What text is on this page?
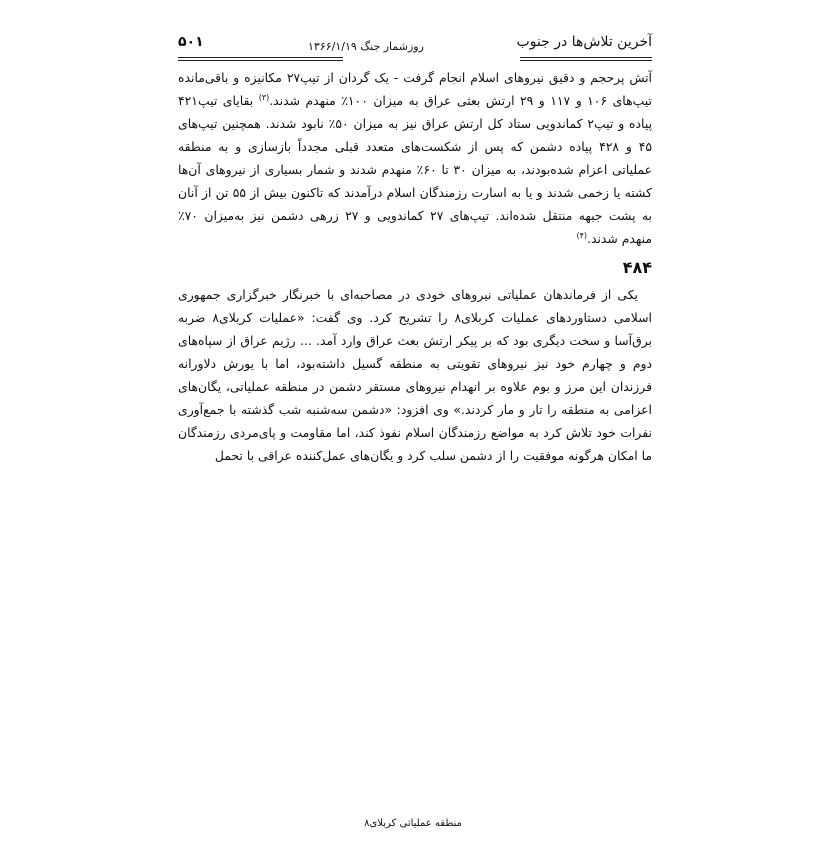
آخرین تلاش‌ها در جنوب
روزشمار جنگ ۱۳۶۶/۱/۱۹
۵۰۱

آتش پرحجم و دقیق نیروهای اسلام انجام گرفت - یک گردان از تیپ۲۷ مکانیزه و باقی‌مانده تیپ‌های ۱۰۶ و ۱۱۷ و ۲۹ ارتش بعثی عراق به میزان ۱۰۰٪ منهدم شدند.$^{(۳)}$ بقایای تیپ۴۲۱ پیاده و تیپ۲ کماندویی ستاد کل ارتش عراق نیز به میزان ۵۰٪ نابود شدند. همچنین تیپ‌های ۴۵ و ۴۲۸ پیاده دشمن که پس از شکست‌های متعدد قبلی مجدداً بازسازی و به منطقه عملیاتی اعزام شده‌بودند، به میزان ۳۰ تا ۶۰٪ منهدم شدند و شمار بسیاری از نیروهای آن‌ها کشته یا زخمی شدند و یا به اسارت رزمندگان اسلام درآمدند که تاکنون بیش از ۵۵ تن از آنان به پشت جبهه منتقل شده‌اند. تیپ‌های ۲۷ کماندویی و ۲۷ زرهی دشمن نیز به‌میزان ۷۰٪ منهدم شدند.$^{(۴)}$

۴۸۴

یکی از فرماندهان عملیاتی نیروهای خودی در مصاحبه‌ای با خبرنگار خبرگزاری جمهوری اسلامی دستاوردهای عملیات کربلای۸ را تشریح کرد. وی گفت: «عملیات کربلای۸ ضربه برق‌آسا و سخت دیگری بود که بر پیکر ارتش بعث عراق وارد آمد. ... رژیم عراق از سپاه‌های دوم و چهارم خود نیز نیروهای تقویتی به منطقه گسیل داشته‌بود، اما با یورش دلاورانه فرزندان این مرز و بوم علاوه بر انهدام نیروهای مستقر دشمن در منطقه عملیاتی، یگان‌های اعزامی به منطقه را تار و مار کردند.» وی افزود: «دشمن سه‌شنبه شب گذشته با جمع‌آوری نفرات خود تلاش کرد به مواضع رزمندگان اسلام نفوذ کند، اما مقاومت و پای‌مردی رزمندگان ما امکان هرگونه موفقیت را از دشمن سلب کرد و یگان‌های عمل‌کننده عراقی با تحمل

منطقه عملیاتی کربلای۸
